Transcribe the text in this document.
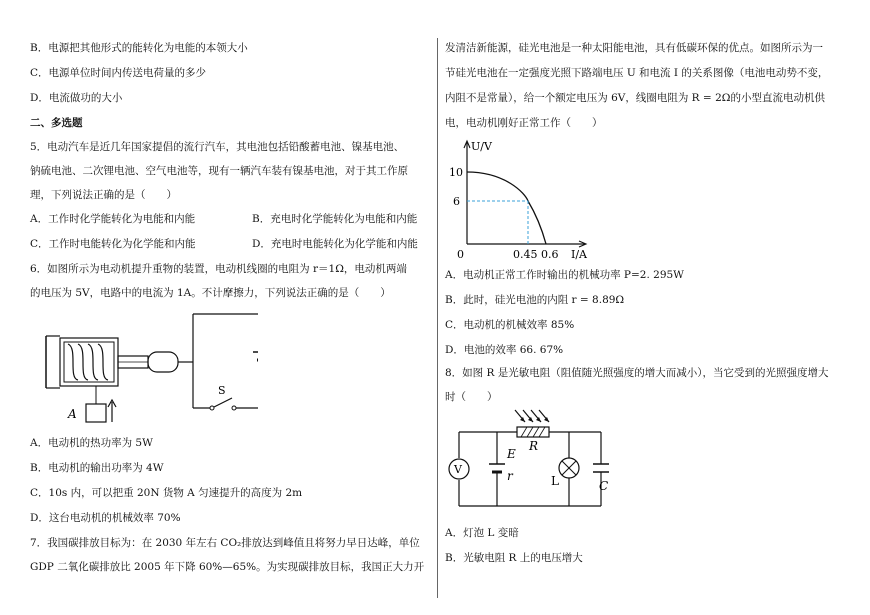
B．电源把其他形式的能转化为电能的本领大小
C．电源单位时间内传送电荷量的多少
D．电流做功的大小
二、多选题
5．电动汽车是近几年国家提倡的流行汽车，其电池包括铅酸蓄电池、镍基电池、
钠硫电池、二次锂电池、空气电池等，现有一辆汽车装有镍基电池，对于其工作原
理，下列说法正确的是（　　）
A．工作时化学能转化为电能和内能	B．充电时化学能转化为电能和内能
C．工作时电能转化为化学能和内能	D．充电时电能转化为化学能和内能
6．如图所示为电动机提升重物的装置，电动机线圈的电阻为 r＝1Ω，电动机两端
的电压为 5V，电路中的电流为 1A。不计摩擦力，下列说法正确的是（　　）
S
A
A．电动机的热功率为 5W
B．电动机的输出功率为 4W
C．10s 内，可以把重 20N 货物 A 匀速提升的高度为 2m
D．这台电动机的机械效率 70%
7．我国碳排放目标为：在 2030 年左右 CO₂排放达到峰值且将努力早日达峰，单位
GDP 二氧化碳排放比 2005 年下降 60%—65%。为实现碳排放目标，我国正大力开
发清洁新能源，硅光电池是一种太阳能电池，具有低碳环保的优点。如图所示为一
节硅光电池在一定强度光照下路端电压 U 和电流 I 的关系图像（电池电动势不变，
内阻不是常量），给一个额定电压为 6V，线圈电阻为 R = 2Ω的小型直流电动机供
电，电动机刚好正常工作（　　）
U/V
I/A
10
6
0	0.45 0.6
A．电动机正常工作时输出的机械功率 P=2. 295W
B．此时，硅光电池的内阻 r = 8.89Ω
C．电动机的机械效率 85%
D．电池的效率 66. 67%
8．如图 R 是光敏电阻（阻值随光照强度的增大而减小），当它受到的光照强度增大
时（　　）
V
R
E
r	L	C
A．灯泡 L 变暗
B．光敏电阻 R 上的电压增大
